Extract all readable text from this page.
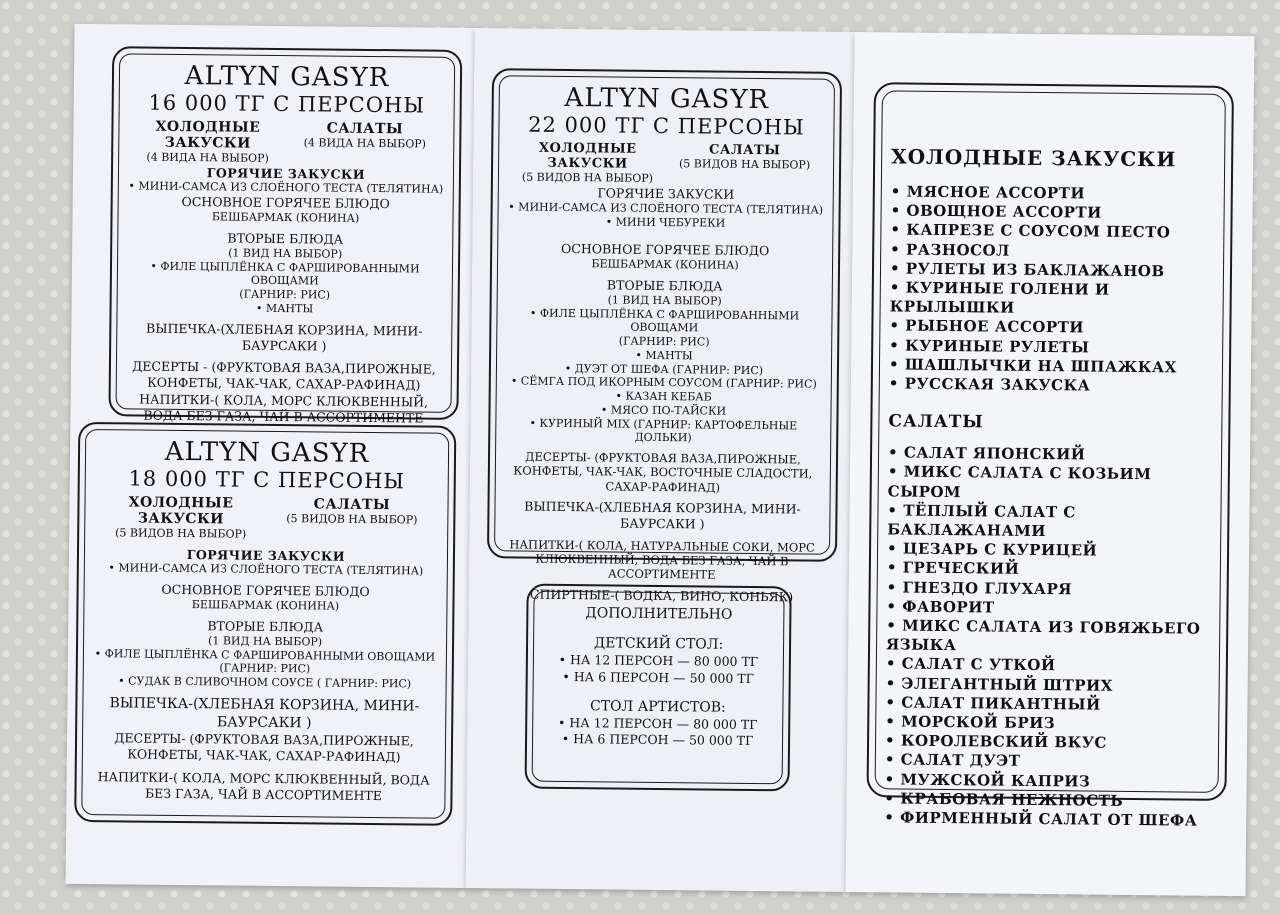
ALTYN GASYR
16 000 ТГ С ПЕРСОНЫ
ХОЛОДНЫЕ ЗАКУСКИ
(4 ВИДА НА ВЫБОР)
САЛАТЫ
(4 ВИДА НА ВЫБОР)
ГОРЯЧИЕ ЗАКУСКИ
• МИНИ-САМСА ИЗ СЛОЁНОГО ТЕСТА (ТЕЛЯТИНА)
ОСНОВНОЕ ГОРЯЧЕЕ БЛЮДО
БЕШБАРМАК (КОНИНА)
ВТОРЫЕ БЛЮДА
(1 ВИД НА ВЫБОР)
• ФИЛЕ ЦЫПЛЁНКА С ФАРШИРОВАННЫМИ ОВОЩАМИ
(ГАРНИР: РИС)
• МАНТЫ
ВЫПЕЧКА-(ХЛЕБНАЯ КОРЗИНА, МИНИ-БАУРСАКИ )
ДЕСЕРТЫ - (ФРУКТОВАЯ ВАЗА,ПИРОЖНЫЕ, КОНФЕТЫ, ЧАК-ЧАК, САХАР-РАФИНАД)
НАПИТКИ-( КОЛА, МОРС КЛЮКВЕННЫЙ, ВОДА БЕЗ ГАЗА, ЧАЙ В АССОРТИМЕНТЕ
ALTYN GASYR
18 000 ТГ С ПЕРСОНЫ
ХОЛОДНЫЕ ЗАКУСКИ
(5 ВИДОВ НА ВЫБОР)
САЛАТЫ
(5 ВИДОВ НА ВЫБОР)
ГОРЯЧИЕ ЗАКУСКИ
• МИНИ-САМСА ИЗ СЛОЁНОГО ТЕСТА (ТЕЛЯТИНА)
ОСНОВНОЕ ГОРЯЧЕЕ БЛЮДО
БЕШБАРМАК (КОНИНА)
ВТОРЫЕ БЛЮДА
(1 ВИД НА ВЫБОР)
• ФИЛЕ ЦЫПЛЁНКА С ФАРШИРОВАННЫМИ ОВОЩАМИ
(ГАРНИР: РИС)
• СУДАК В СЛИВОЧНОМ СОУСЕ ( ГАРНИР: РИС)
ВЫПЕЧКА-(ХЛЕБНАЯ КОРЗИНА, МИНИ-БАУРСАКИ )
ДЕСЕРТЫ- (ФРУКТОВАЯ ВАЗА,ПИРОЖНЫЕ, КОНФЕТЫ, ЧАК-ЧАК, САХАР-РАФИНАД)
НАПИТКИ-( КОЛА, МОРС КЛЮКВЕННЫЙ, ВОДА БЕЗ ГАЗА, ЧАЙ В АССОРТИМЕНТЕ
ALTYN GASYR
22 000 ТГ С ПЕРСОНЫ
ХОЛОДНЫЕ ЗАКУСКИ
(5 ВИДОВ НА ВЫБОР)
САЛАТЫ
(5 ВИДОВ НА ВЫБОР)
ГОРЯЧИЕ ЗАКУСКИ
• МИНИ-САМСА ИЗ СЛОЁНОГО ТЕСТА (ТЕЛЯТИНА)
• МИНИ ЧЕБУРЕКИ
ОСНОВНОЕ ГОРЯЧЕЕ БЛЮДО
БЕШБАРМАК (КОНИНА)
ВТОРЫЕ БЛЮДА
(1 ВИД НА ВЫБОР)
• ФИЛЕ ЦЫПЛЁНКА С ФАРШИРОВАННЫМИ ОВОЩАМИ
(ГАРНИР: РИС)
• МАНТЫ
• ДУЭТ ОТ ШЕФА (ГАРНИР: РИС)
• СЁМГА ПОД ИКОРНЫМ СОУСОМ (ГАРНИР: РИС)
• КАЗАН КЕБАБ
• МЯСО ПО-ТАЙСКИ
• КУРИНЫЙ MIX (ГАРНИР: КАРТОФЕЛЬНЫЕ ДОЛЬКИ)
ДЕСЕРТЫ- (ФРУКТОВАЯ ВАЗА,ПИРОЖНЫЕ, КОНФЕТЫ, ЧАК-ЧАК, ВОСТОЧНЫЕ СЛАДОСТИ, САХАР-РАФИНАД)
ВЫПЕЧКА-(ХЛЕБНАЯ КОРЗИНА, МИНИ-БАУРСАКИ )
НАПИТКИ-( КОЛА, НАТУРАЛЬНЫЕ СОКИ, МОРС КЛЮКВЕННЫЙ, ВОДА БЕЗ ГАЗА, ЧАЙ В АССОРТИМЕНТЕ
СПИРТНЫЕ-( ВОДКА, ВИНО, КОНЬЯК)
ДОПОЛНИТЕЛЬНО
ДЕТСКИЙ СТОЛ:
• НА 12 ПЕРСОН — 80 000 ТГ
• НА 6 ПЕРСОН — 50 000 ТГ
СТОЛ АРТИСТОВ:
• НА 12 ПЕРСОН — 80 000 ТГ
• НА 6 ПЕРСОН — 50 000 ТГ
ХОЛОДНЫЕ ЗАКУСКИ
• МЯСНОЕ АССОРТИ
• ОВОЩНОЕ АССОРТИ
• КАПРЕЗЕ С СОУСОМ ПЕСТО
• РАЗНОСОЛ
• РУЛЕТЫ ИЗ БАКЛАЖАНОВ
• КУРИНЫЕ ГОЛЕНИ И КРЫЛЫШКИ
• РЫБНОЕ АССОРТИ
• КУРИНЫЕ РУЛЕТЫ
• ШАШЛЫЧКИ НА ШПАЖКАХ
• РУССКАЯ ЗАКУСКА
САЛАТЫ
• САЛАТ ЯПОНСКИЙ
• МИКС САЛАТА С КОЗЬИМ СЫРОМ
• ТЁПЛЫЙ САЛАТ С БАКЛАЖАНАМИ
• ЦЕЗАРЬ С КУРИЦЕЙ
• ГРЕЧЕСКИЙ
• ГНЕЗДО ГЛУХАРЯ
• ФАВОРИТ
• МИКС САЛАТА ИЗ ГОВЯЖЬЕГО ЯЗЫКА
• САЛАТ С УТКОЙ
• ЭЛЕГАНТНЫЙ ШТРИХ
• САЛАТ ПИКАНТНЫЙ
• МОРСКОЙ БРИЗ
• КОРОЛЕВСКИЙ ВКУС
• САЛАТ ДУЭТ
• МУЖСКОЙ КАПРИЗ
• КРАБОВАЯ НЕЖНОСТЬ
• ФИРМЕННЫЙ САЛАТ ОТ ШЕФА
